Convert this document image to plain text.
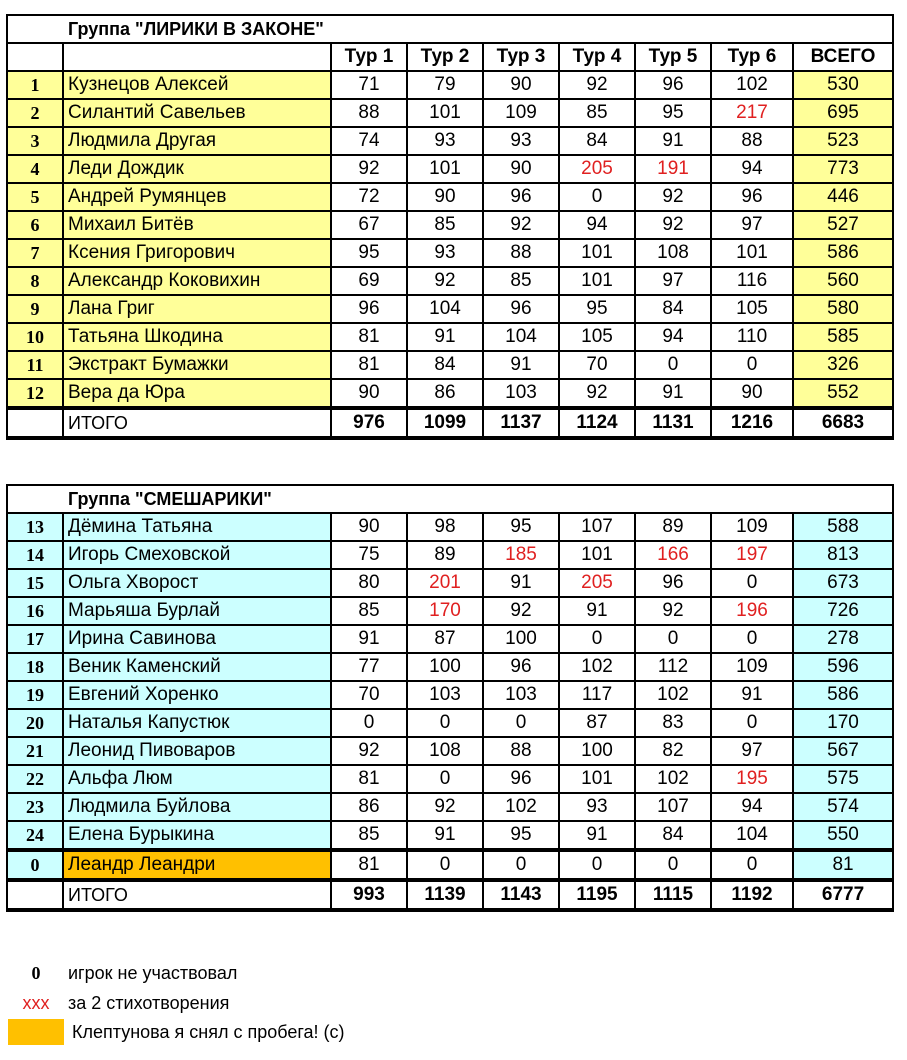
Группа "ЛИРИКИ В ЗАКОНЕ"								
		Тур 1	Тур 2	Тур 3	Тур 4	Тур 5	Тур 6	ВСЕГО
1	Кузнецов Алексей	71	79	90	92	96	102	530
2	Силантий Савельев	88	101	109	85	95	217	695
3	Людмила Другая	74	93	93	84	91	88	523
4	Леди Дождик	92	101	90	205	191	94	773
5	Андрей Румянцев	72	90	96	0	92	96	446
6	Михаил Битёв	67	85	92	94	92	97	527
7	Ксения Григорович	95	93	88	101	108	101	586
8	Александр Коковихин	69	92	85	101	97	116	560
9	Лана Григ	96	104	96	95	84	105	580
10	Татьяна Шкодина	81	91	104	105	94	110	585
11	Экстракт Бумажки	81	84	91	70	0	0	326
12	Вера да Юра	90	86	103	92	91	90	552
	ИТОГО	976	1099	1137	1124	1131	1216	6683
Группа "СМЕШАРИКИ"								
13	Дёмина Татьяна	90	98	95	107	89	109	588
14	Игорь Смеховской	75	89	185	101	166	197	813
15	Ольга Хворост	80	201	91	205	96	0	673
16	Марьяша Бурлай	85	170	92	91	92	196	726
17	Ирина Савинова	91	87	100	0	0	0	278
18	Веник Каменский	77	100	96	102	112	109	596
19	Евгений Хоренко	70	103	103	117	102	91	586
20	Наталья Капустюк	0	0	0	87	83	0	170
21	Леонид Пивоваров	92	108	88	100	82	97	567
22	Альфа Люм	81	0	96	101	102	195	575
23	Людмила Буйлова	86	92	102	93	107	94	574
24	Елена Бурыкина	85	91	95	91	84	104	550
0	Леандр Леандри	81	0	0	0	0	0	81
	ИТОГО	993	1139	1143	1195	1115	1192	6777
0	игрок не участвовал
xxx	за 2 стихотворения
Клептунова я снял с пробега! (с)
